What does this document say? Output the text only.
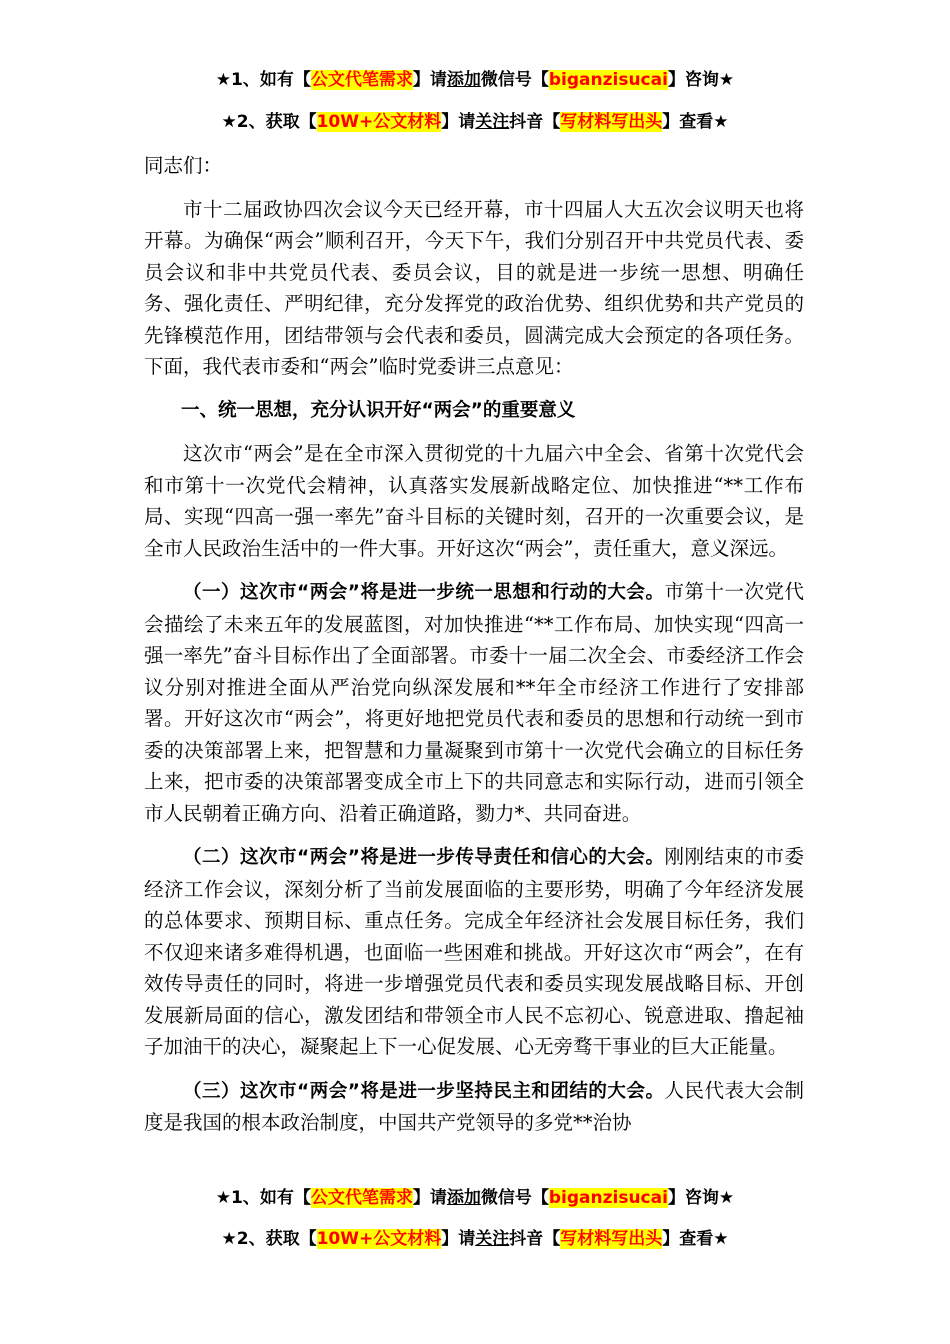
★1、如有【公文代笔需求】请添加微信号【biganzisucai】咨询★
★2、获取【10W+公文材料】请关注抖音【写材料写出头】查看★

同志们：

市十二届政协四次会议今天已经开幕，市十四届人大五次会议明天也将开幕。为确保“两会”顺利召开，今天下午，我们分别召开中共党员代表、委员会议和非中共党员代表、委员会议，目的就是进一步统一思想、明确任务、强化责任、严明纪律，充分发挥党的政治优势、组织优势和共产党员的先锋模范作用，团结带领与会代表和委员，圆满完成大会预定的各项任务。下面，我代表市委和“两会”临时党委讲三点意见：

一、统一思想，充分认识开好“两会”的重要意义

这次市“两会”是在全市深入贯彻党的十九届六中全会、省第十次党代会和市第十一次党代会精神，认真落实发展新战略定位、加快推进“**工作布局、实现“四高一强一率先”奋斗目标的关键时刻，召开的一次重要会议，是全市人民政治生活中的一件大事。开好这次“两会”，责任重大，意义深远。

（一）这次市“两会”将是进一步统一思想和行动的大会。市第十一次党代会描绘了未来五年的发展蓝图，对加快推进“**工作布局、加快实现“四高一强一率先”奋斗目标作出了全面部署。市委十一届二次全会、市委经济工作会议分别对推进全面从严治党向纵深发展和**年全市经济工作进行了安排部署。开好这次市“两会”，将更好地把党员代表和委员的思想和行动统一到市委的决策部署上来，把智慧和力量凝聚到市第十一次党代会确立的目标任务上来，把市委的决策部署变成全市上下的共同意志和实际行动，进而引领全市人民朝着正确方向、沿着正确道路，勠力*、共同奋进。

（二）这次市“两会”将是进一步传导责任和信心的大会。刚刚结束的市委经济工作会议，深刻分析了当前发展面临的主要形势，明确了今年经济发展的总体要求、预期目标、重点任务。完成全年经济社会发展目标任务，我们不仅迎来诸多难得机遇，也面临一些困难和挑战。开好这次市“两会”，在有效传导责任的同时，将进一步增强党员代表和委员实现发展战略目标、开创发展新局面的信心，激发团结和带领全市人民不忘初心、锐意进取、撸起袖子加油干的决心，凝聚起上下一心促发展、心无旁骛干事业的巨大正能量。

（三）这次市“两会”将是进一步坚持民主和团结的大会。人民代表大会制度是我国的根本政治制度，中国共产党领导的多党**治协

★1、如有【公文代笔需求】请添加微信号【biganzisucai】咨询★
★2、获取【10W+公文材料】请关注抖音【写材料写出头】查看★
